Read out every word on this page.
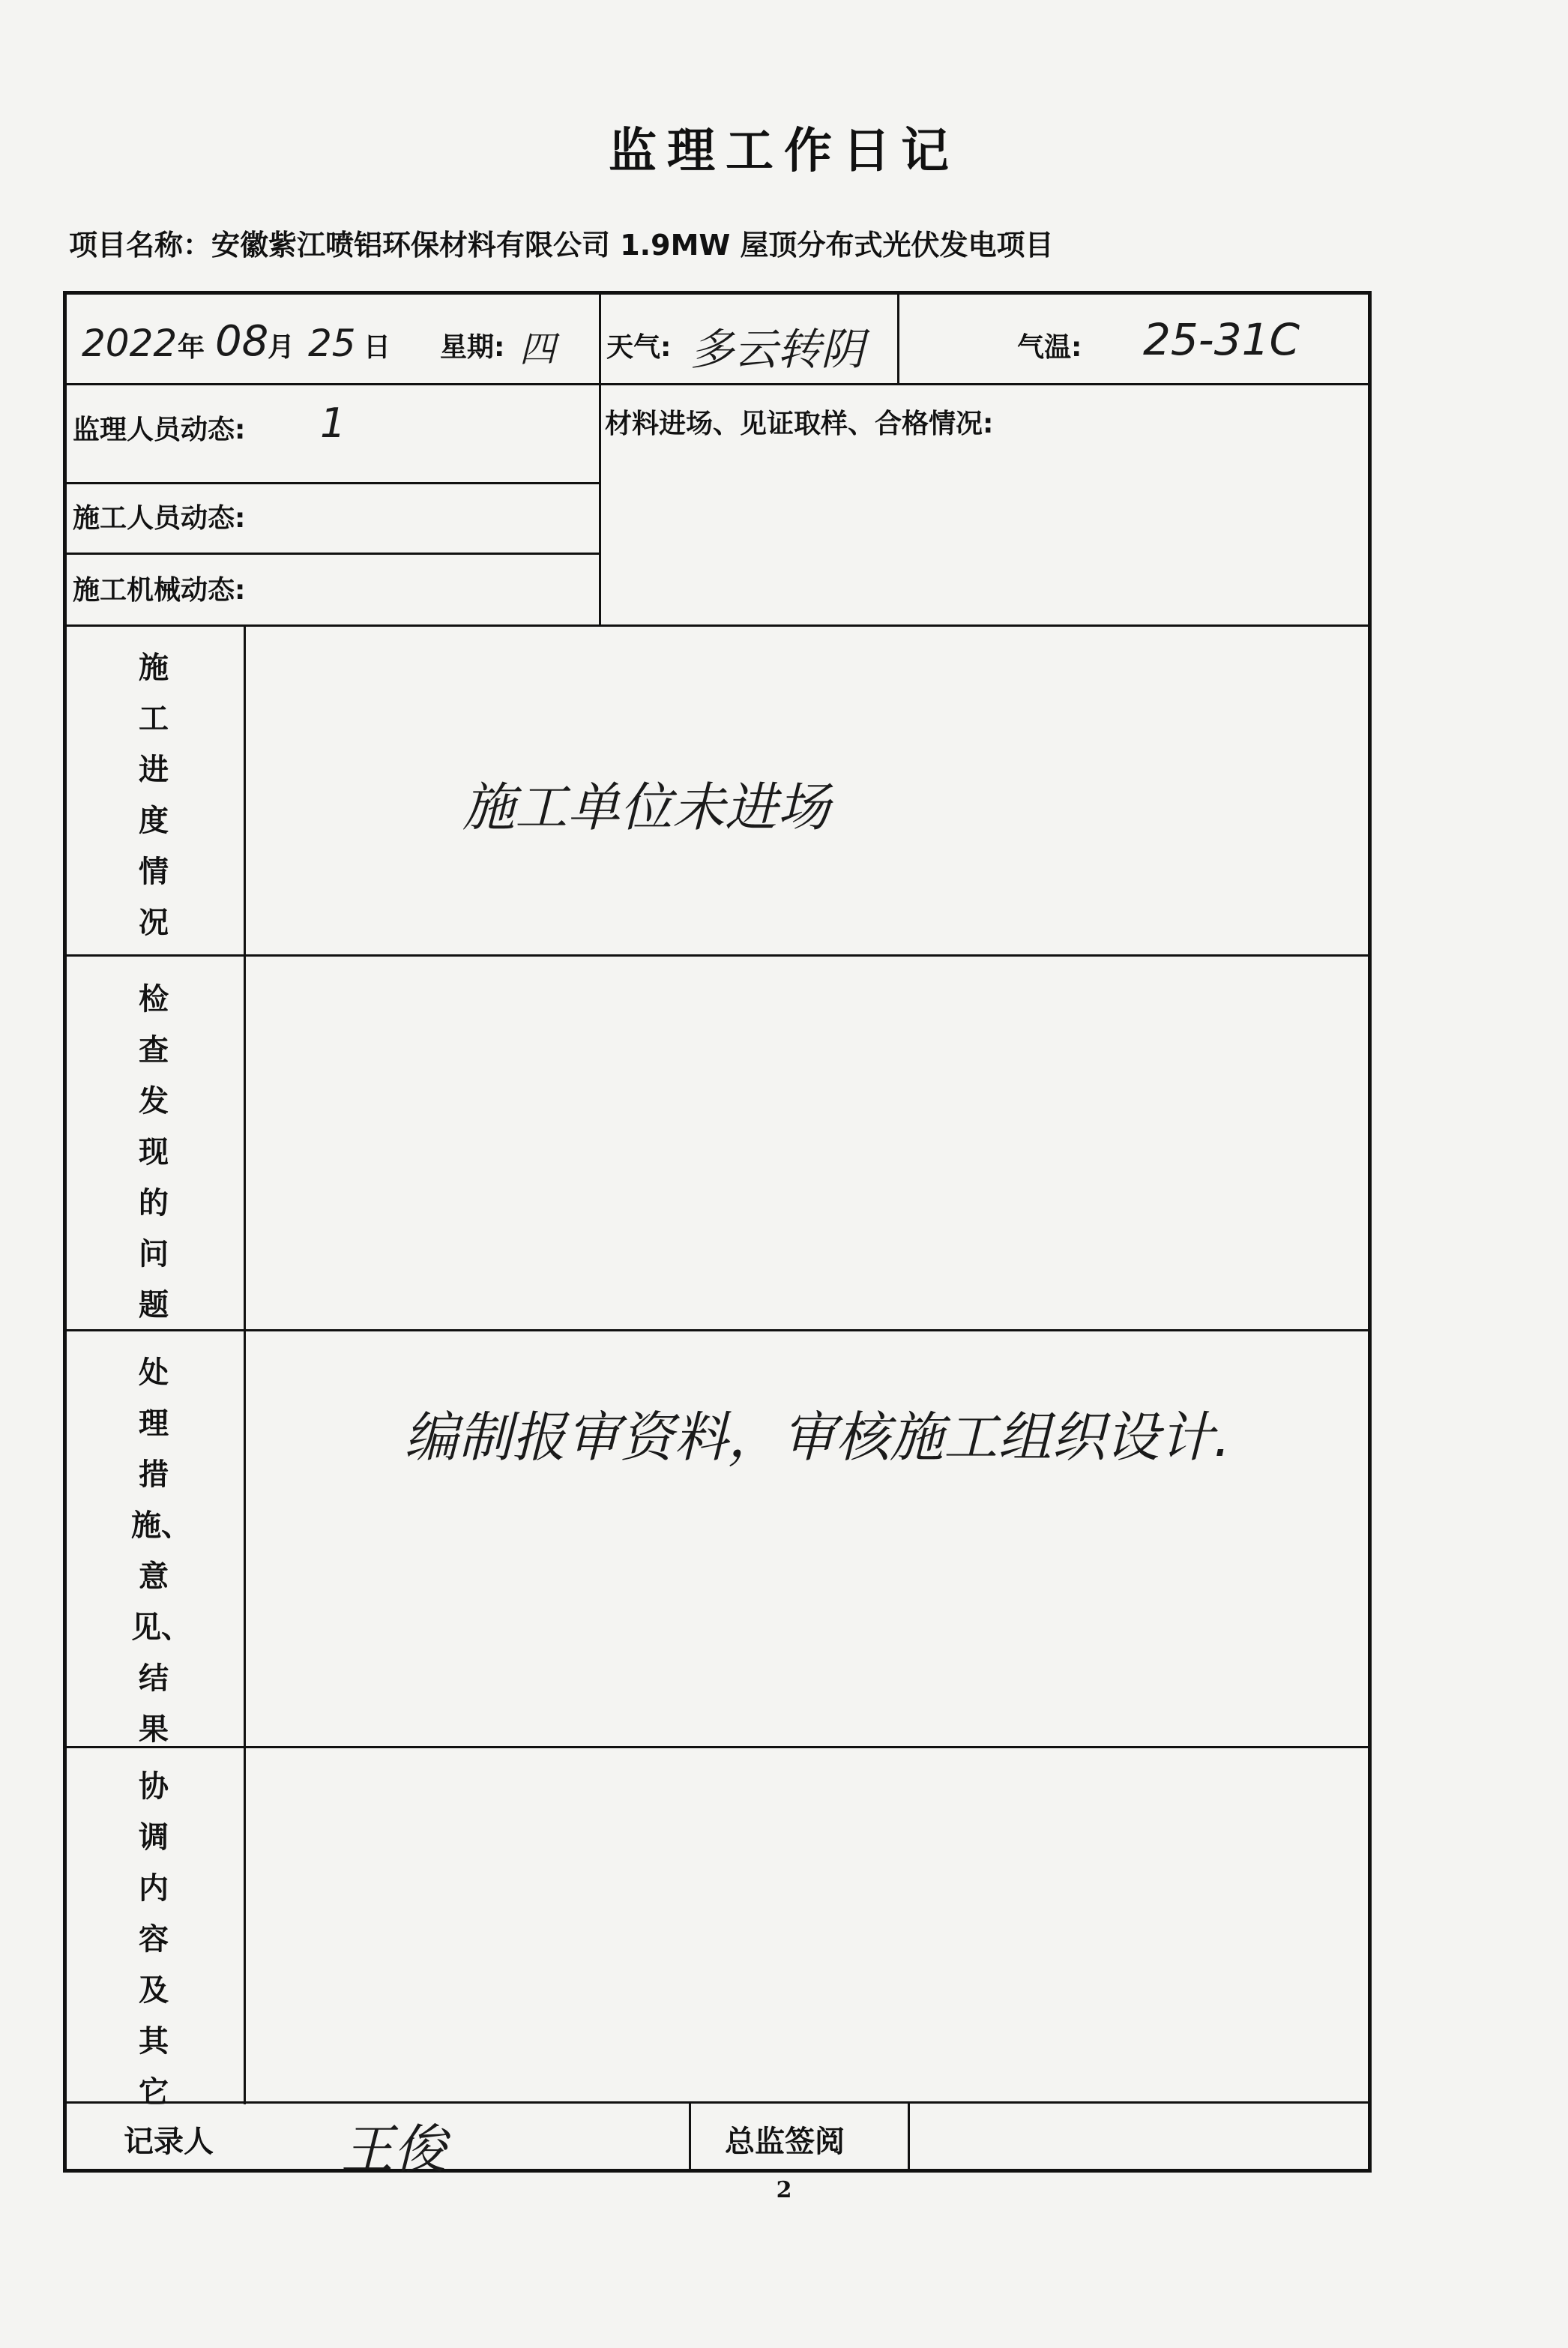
监理工作日记
项目名称：安徽紫江喷铝环保材料有限公司 1.9MW 屋顶分布式光伏发电项目
2022 年 08
月 25 日 星期: 四 天气: 多云转阴	气温: 25-31C
监理人员动态: 1
施工人员动态:
施工机械动态:
材料进场、见证取样、合格情况:
施
工
进
度
情
况
施工单位未进场
检
查
发
现
的
问
题
处
理
措
施、
意
见、
结
果
编制报审资料，审核施工组织设计.
协
调
内
容
及
其
它
记录人 王俊	总监签阅
2
